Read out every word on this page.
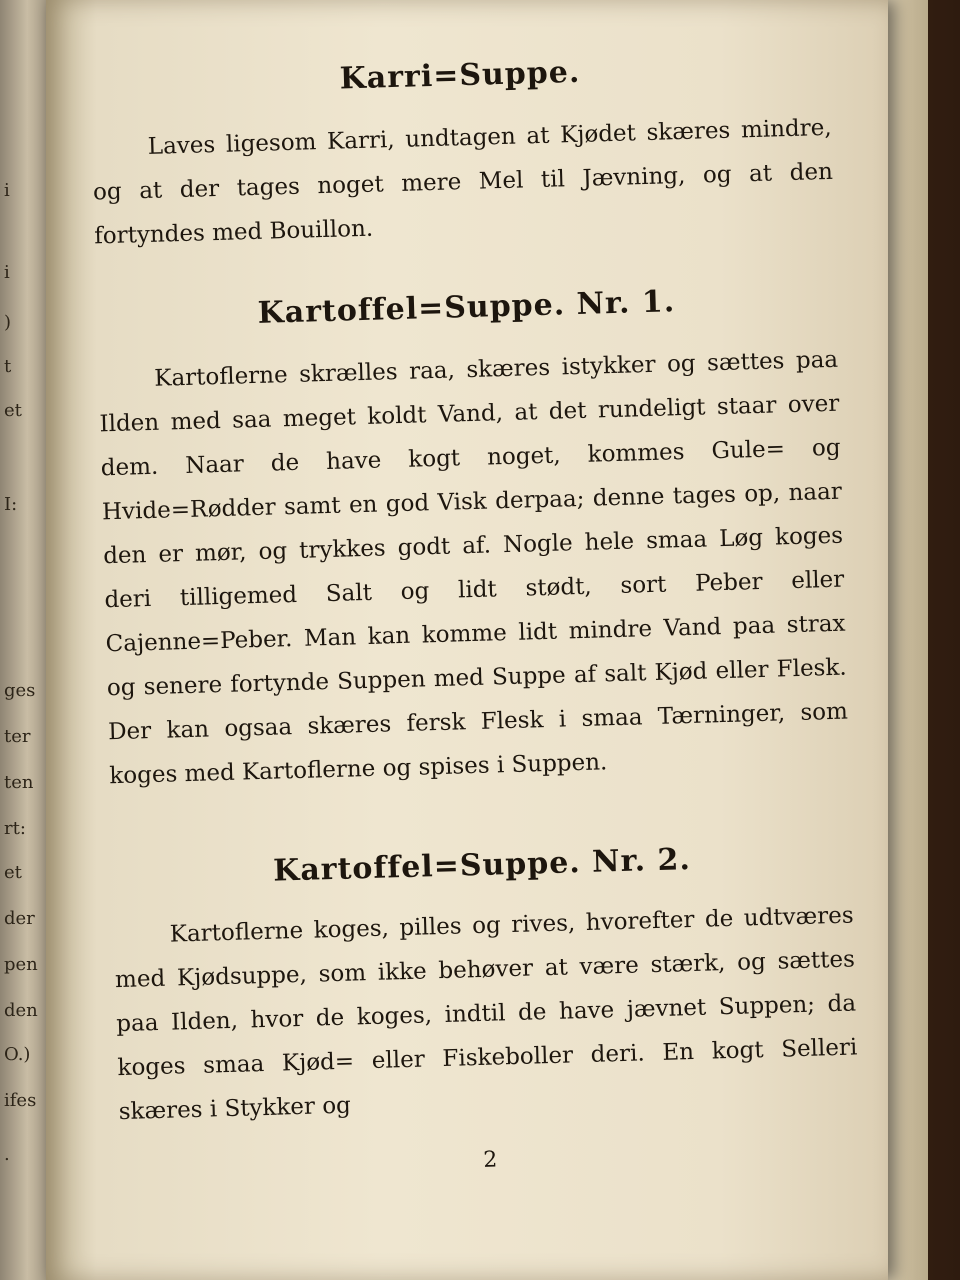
i
i
)
t
et
I:
ges
ter
ten
rt:
et
der
pen
den
O.)
ifes
.
Karri=Suppe.

Laves ligesom Karri, undtagen at Kjødet skæres mindre, og at der tages noget mere Mel til Jævning, og at den fortyndes med Bouillon.

Kartoffel=Suppe. Nr. 1.

Kartoflerne skrælles raa, skæres istykker og sættes paa Ilden med saa meget koldt Vand, at det rundeligt staar over dem. Naar de have kogt noget, kommes Gule= og Hvide=Rødder samt en god Visk derpaa; denne tages op, naar den er mør, og trykkes godt af. Nogle hele smaa Løg koges deri tilligemed Salt og lidt stødt, sort Peber eller Cajenne=Peber. Man kan komme lidt mindre Vand paa strax og senere fortynde Suppen med Suppe af salt Kjød eller Flesk. Der kan ogsaa skæres fersk Flesk i smaa Tærninger, som koges med Kartoflerne og spises i Suppen.

Kartoffel=Suppe. Nr. 2.

Kartoflerne koges, pilles og rives, hvorefter de udtværes med Kjødsuppe, som ikke behøver at være stærk, og sættes paa Ilden, hvor de koges, indtil de have jævnet Suppen; da koges smaa Kjød= eller Fiskeboller deri. En kogt Selleri skæres i Stykker og

2
